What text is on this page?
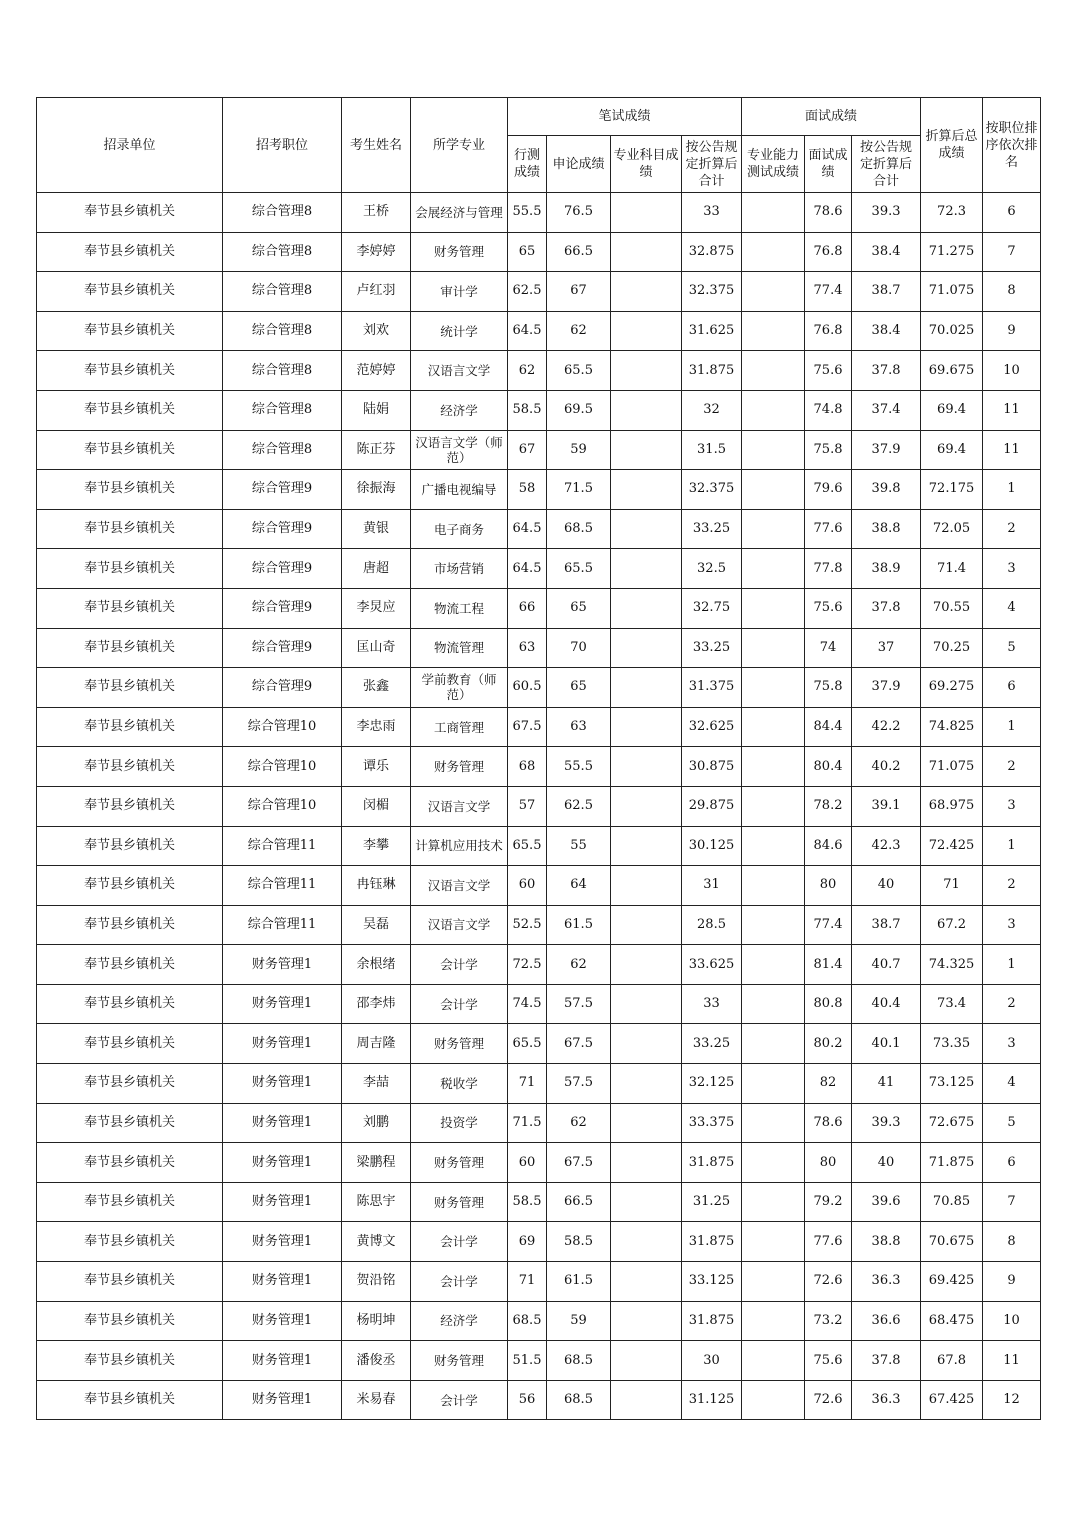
招录单位	招考职位	考生姓名	所学专业	笔试成绩				面试成绩			折算后总成绩	按职位排序依次排名
				行测成绩	申论成绩	专业科目成绩	按公告规定折算后合计	专业能力测试成绩	面试成绩	按公告规定折算后合计		
奉节县乡镇机关	综合管理8	王桥	会展经济与管理	55.5	76.5		33		78.6	39.3	72.3	6
奉节县乡镇机关	综合管理8	李婷婷	财务管理	65	66.5		32.875		76.8	38.4	71.275	7
奉节县乡镇机关	综合管理8	卢红羽	审计学	62.5	67		32.375		77.4	38.7	71.075	8
奉节县乡镇机关	综合管理8	刘欢	统计学	64.5	62		31.625		76.8	38.4	70.025	9
奉节县乡镇机关	综合管理8	范婷婷	汉语言文学	62	65.5		31.875		75.6	37.8	69.675	10
奉节县乡镇机关	综合管理8	陆娟	经济学	58.5	69.5		32		74.8	37.4	69.4	11
奉节县乡镇机关	综合管理8	陈正芬	汉语言文学（师范）	67	59		31.5		75.8	37.9	69.4	11
奉节县乡镇机关	综合管理9	徐振海	广播电视编导	58	71.5		32.375		79.6	39.8	72.175	1
奉节县乡镇机关	综合管理9	黄银	电子商务	64.5	68.5		33.25		77.6	38.8	72.05	2
奉节县乡镇机关	综合管理9	唐超	市场营销	64.5	65.5		32.5		77.8	38.9	71.4	3
奉节县乡镇机关	综合管理9	李炅应	物流工程	66	65		32.75		75.6	37.8	70.55	4
奉节县乡镇机关	综合管理9	匡山奇	物流管理	63	70		33.25		74	37	70.25	5
奉节县乡镇机关	综合管理9	张鑫	学前教育（师范）	60.5	65		31.375		75.8	37.9	69.275	6
奉节县乡镇机关	综合管理10	李忠雨	工商管理	67.5	63		32.625		84.4	42.2	74.825	1
奉节县乡镇机关	综合管理10	谭乐	财务管理	68	55.5		30.875		80.4	40.2	71.075	2
奉节县乡镇机关	综合管理10	闵楣	汉语言文学	57	62.5		29.875		78.2	39.1	68.975	3
奉节县乡镇机关	综合管理11	李攀	计算机应用技术	65.5	55		30.125		84.6	42.3	72.425	1
奉节县乡镇机关	综合管理11	冉钰琳	汉语言文学	60	64		31		80	40	71	2
奉节县乡镇机关	综合管理11	吴磊	汉语言文学	52.5	61.5		28.5		77.4	38.7	67.2	3
奉节县乡镇机关	财务管理1	余根绪	会计学	72.5	62		33.625		81.4	40.7	74.325	1
奉节县乡镇机关	财务管理1	邵李炜	会计学	74.5	57.5		33		80.8	40.4	73.4	2
奉节县乡镇机关	财务管理1	周吉隆	财务管理	65.5	67.5		33.25		80.2	40.1	73.35	3
奉节县乡镇机关	财务管理1	李喆	税收学	71	57.5		32.125		82	41	73.125	4
奉节县乡镇机关	财务管理1	刘鹏	投资学	71.5	62		33.375		78.6	39.3	72.675	5
奉节县乡镇机关	财务管理1	梁鹏程	财务管理	60	67.5		31.875		80	40	71.875	6
奉节县乡镇机关	财务管理1	陈思宇	财务管理	58.5	66.5		31.25		79.2	39.6	70.85	7
奉节县乡镇机关	财务管理1	黄博文	会计学	69	58.5		31.875		77.6	38.8	70.675	8
奉节县乡镇机关	财务管理1	贺沿铭	会计学	71	61.5		33.125		72.6	36.3	69.425	9
奉节县乡镇机关	财务管理1	杨明坤	经济学	68.5	59		31.875		73.2	36.6	68.475	10
奉节县乡镇机关	财务管理1	潘俊丞	财务管理	51.5	68.5		30		75.6	37.8	67.8	11
奉节县乡镇机关	财务管理1	米易春	会计学	56	68.5		31.125		72.6	36.3	67.425	12
